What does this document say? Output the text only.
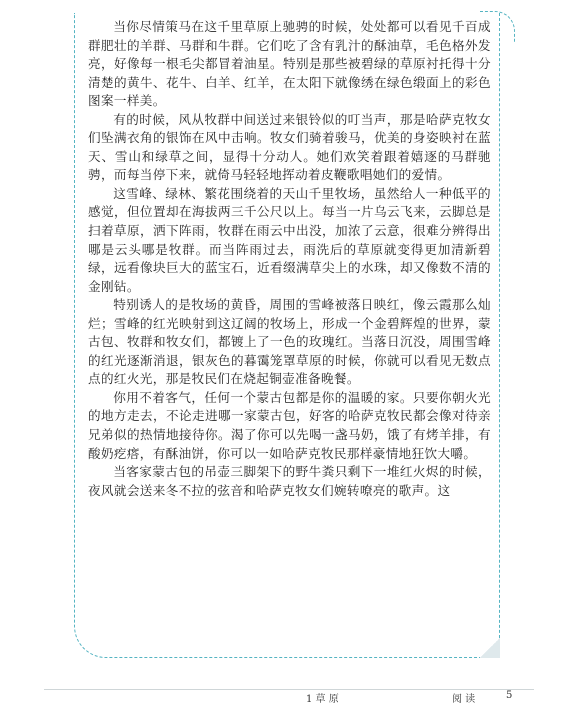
当你尽情策马在这千里草原上驰骋的时候，处处都可以看见千百成群肥壮的羊群、马群和牛群。它们吃了含有乳汁的酥油草，毛色格外发亮，好像每一根毛尖都冒着油星。特别是那些被碧绿的草原衬托得十分清楚的黄牛、花牛、白羊、红羊，在太阳下就像绣在绿色缎面上的彩色图案一样美。

有的时候，风从牧群中间送过来银铃似的叮当声，那是哈萨克牧女们坠满衣角的银饰在风中击响。牧女们骑着骏马，优美的身姿映衬在蓝天、雪山和绿草之间，显得十分动人。她们欢笑着跟着嬉逐的马群驰骋，而每当停下来，就倚马轻轻地挥动着皮鞭歌唱她们的爱情。

这雪峰、绿林、繁花围绕着的天山千里牧场，虽然给人一种低平的感觉，但位置却在海拔两三千公尺以上。每当一片乌云飞来，云脚总是扫着草原，洒下阵雨，牧群在雨云中出没，加浓了云意，很难分辨得出哪是云头哪是牧群。而当阵雨过去，雨洗后的草原就变得更加清新碧绿，远看像块巨大的蓝宝石，近看缀满草尖上的水珠，却又像数不清的金刚钻。

特别诱人的是牧场的黄昏，周围的雪峰被落日映红，像云霞那么灿烂；雪峰的红光映射到这辽阔的牧场上，形成一个金碧辉煌的世界，蒙古包、牧群和牧女们，都镀上了一色的玫瑰红。当落日沉没，周围雪峰的红光逐渐消退，银灰色的暮霭笼罩草原的时候，你就可以看见无数点点的红火光，那是牧民们在烧起铜壶准备晚餐。

你用不着客气，任何一个蒙古包都是你的温暖的家。只要你朝火光的地方走去，不论走进哪一家蒙古包，好客的哈萨克牧民都会像对待亲兄弟似的热情地接待你。渴了你可以先喝一盏马奶，饿了有烤羊排，有酸奶疙瘩，有酥油饼，你可以一如哈萨克牧民那样豪情地狂饮大嚼。

当客家蒙古包的吊壶三脚架下的野牛粪只剩下一堆红火烬的时候，夜风就会送来冬不拉的弦音和哈萨克牧女们婉转嘹亮的歌声。这

1 草 原	阅 读	5
